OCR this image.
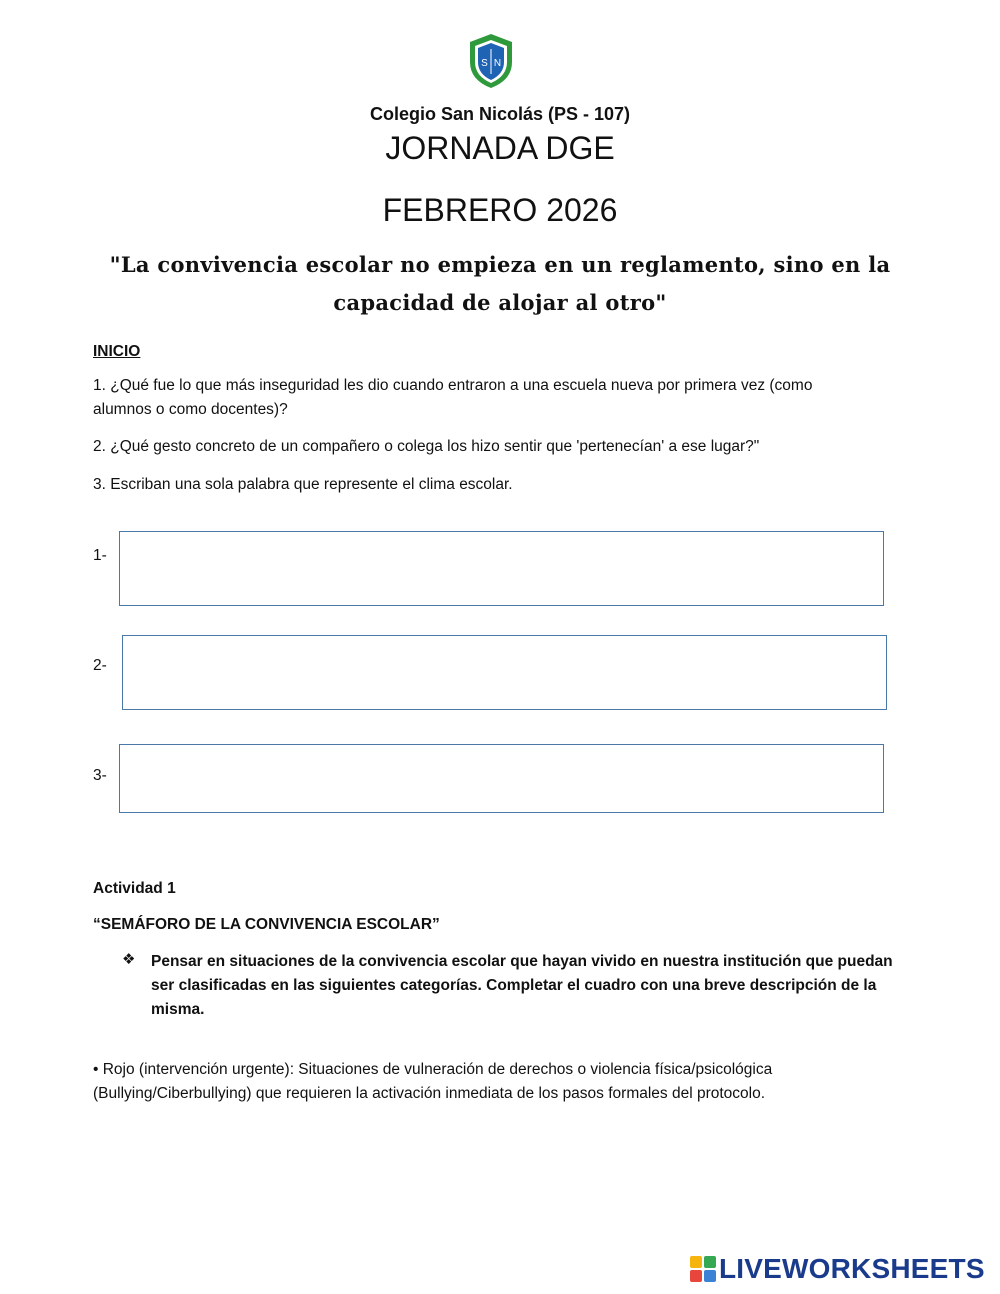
S N
Colegio San Nicolás (PS - 107)
JORNADA DGE
FEBRERO 2026
"La convivencia escolar no empieza en un reglamento, sino en la capacidad de alojar al otro"
INICIO
1. ¿Qué fue lo que más inseguridad les dio cuando entraron a una escuela nueva por primera vez (como alumnos o como docentes)?
2. ¿Qué gesto concreto de un compañero o colega los hizo sentir que 'pertenecían' a ese lugar?"
3. Escriban una sola palabra que represente el clima escolar.
1-
2-
3-
Actividad 1
“SEMÁFORO DE LA CONVIVENCIA ESCOLAR”
❖ Pensar en situaciones de la convivencia escolar que hayan vivido en nuestra institución que puedan ser clasificadas en las siguientes categorías. Completar el cuadro con una breve descripción de la misma.
• Rojo (intervención urgente): Situaciones de vulneración de derechos o violencia física/psicológica (Bullying/Ciberbullying) que requieren la activación inmediata de los pasos formales del protocolo.
LIVEWORKSHEETS
